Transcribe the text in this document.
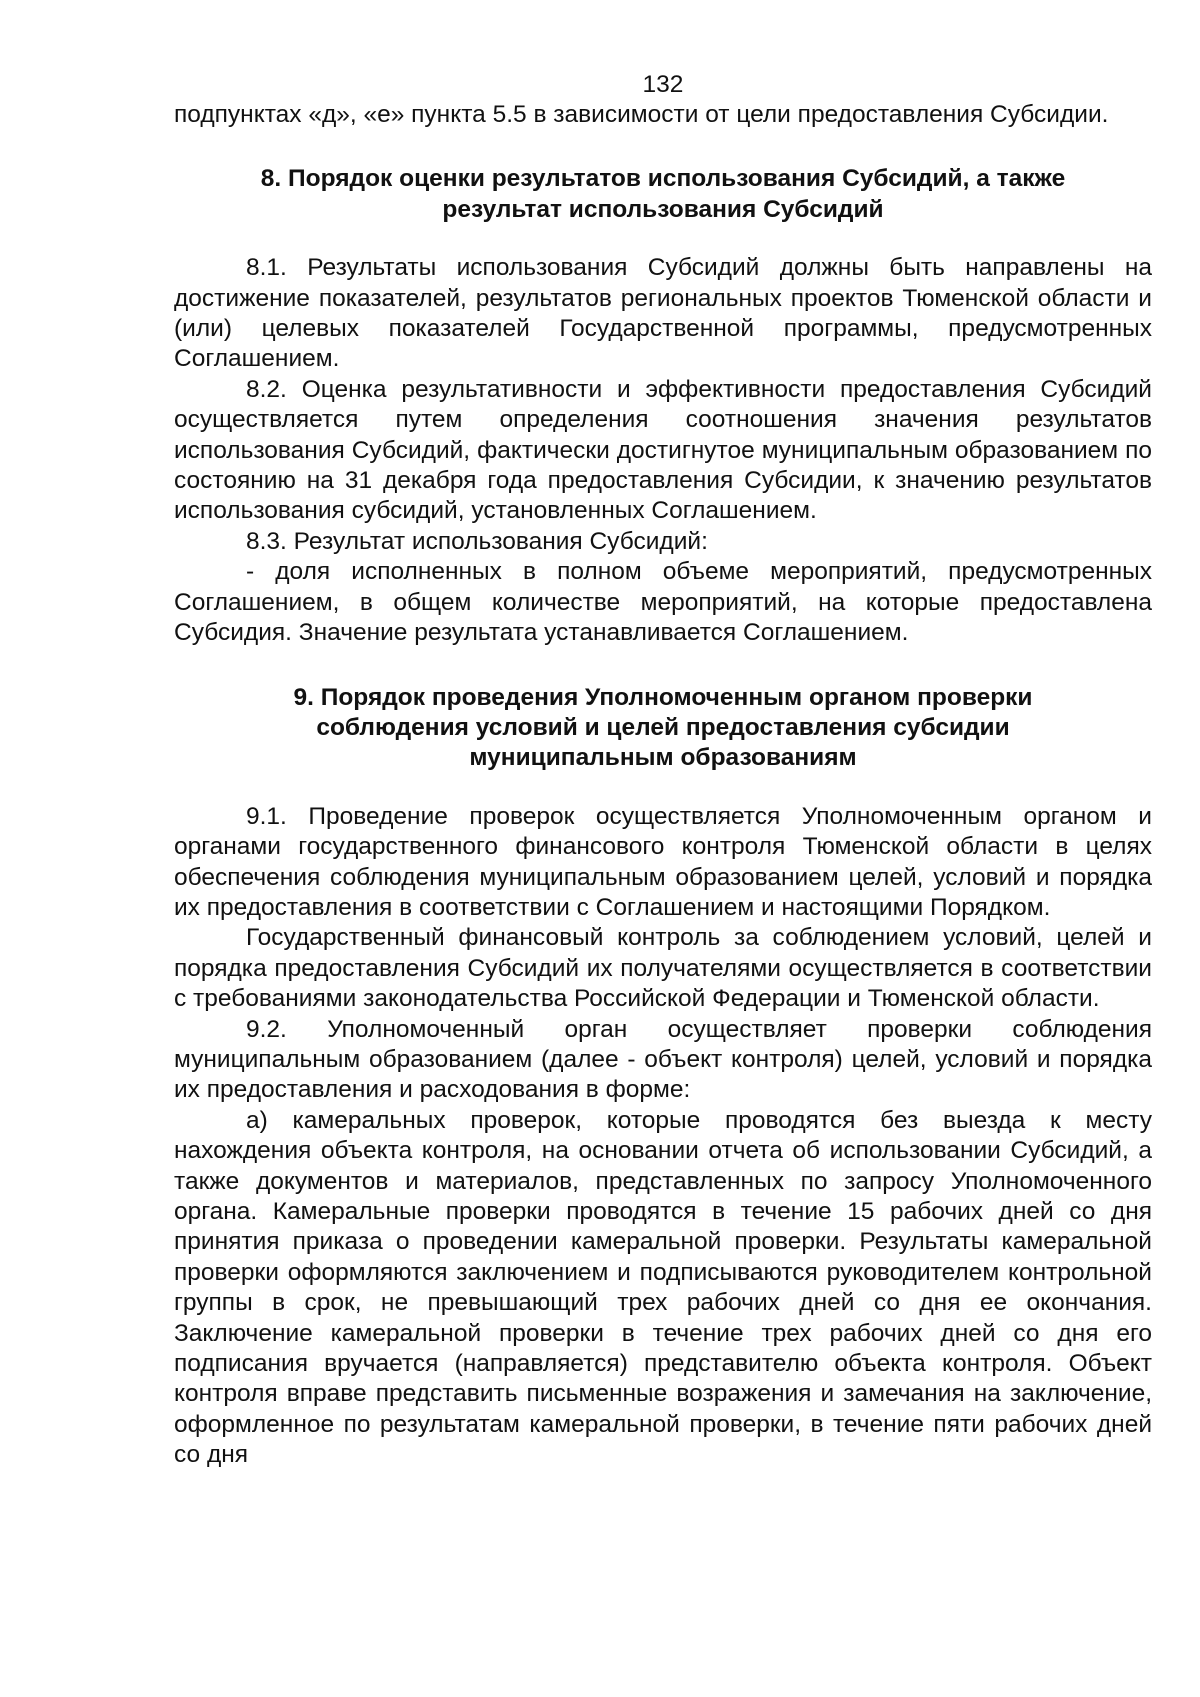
132

подпунктах «д», «е» пункта 5.5 в зависимости от цели предоставления Субсидии.

8. Порядок оценки результатов использования Субсидий, а также результат использования Субсидий

8.1. Результаты использования Субсидий должны быть направлены на достижение показателей, результатов региональных проектов Тюменской области и (или) целевых показателей Государственной программы, предусмотренных Соглашением.

8.2. Оценка результативности и эффективности предоставления Субсидий осуществляется путем определения соотношения значения результатов использования Субсидий, фактически достигнутое муниципальным образованием по состоянию на 31 декабря года предоставления Субсидии, к значению результатов использования субсидий, установленных Соглашением.

8.3. Результат использования Субсидий:

- доля исполненных в полном объеме мероприятий, предусмотренных Соглашением, в общем количестве мероприятий, на которые предоставлена Субсидия. Значение результата устанавливается Соглашением.

9. Порядок проведения Уполномоченным органом проверки соблюдения условий и целей предоставления субсидии муниципальным образованиям

9.1. Проведение проверок осуществляется Уполномоченным органом и органами государственного финансового контроля Тюменской области в целях обеспечения соблюдения муниципальным образованием целей, условий и порядка их предоставления в соответствии с Соглашением и настоящими Порядком.

Государственный финансовый контроль за соблюдением условий, целей и порядка предоставления Субсидий их получателями осуществляется в соответствии с требованиями законодательства Российской Федерации и Тюменской области.

9.2. Уполномоченный орган осуществляет проверки соблюдения муниципальным образованием (далее - объект контроля) целей, условий и порядка их предоставления и расходования в форме:

а) камеральных проверок, которые проводятся без выезда к месту нахождения объекта контроля, на основании отчета об использовании Субсидий, а также документов и материалов, представленных по запросу Уполномоченного органа. Камеральные проверки проводятся в течение 15 рабочих дней со дня принятия приказа о проведении камеральной проверки. Результаты камеральной проверки оформляются заключением и подписываются руководителем контрольной группы в срок, не превышающий трех рабочих дней со дня ее окончания. Заключение камеральной проверки в течение трех рабочих дней со дня его подписания вручается (направляется) представителю объекта контроля. Объект контроля вправе представить письменные возражения и замечания на заключение, оформленное по результатам камеральной проверки, в течение пяти рабочих дней со дня
